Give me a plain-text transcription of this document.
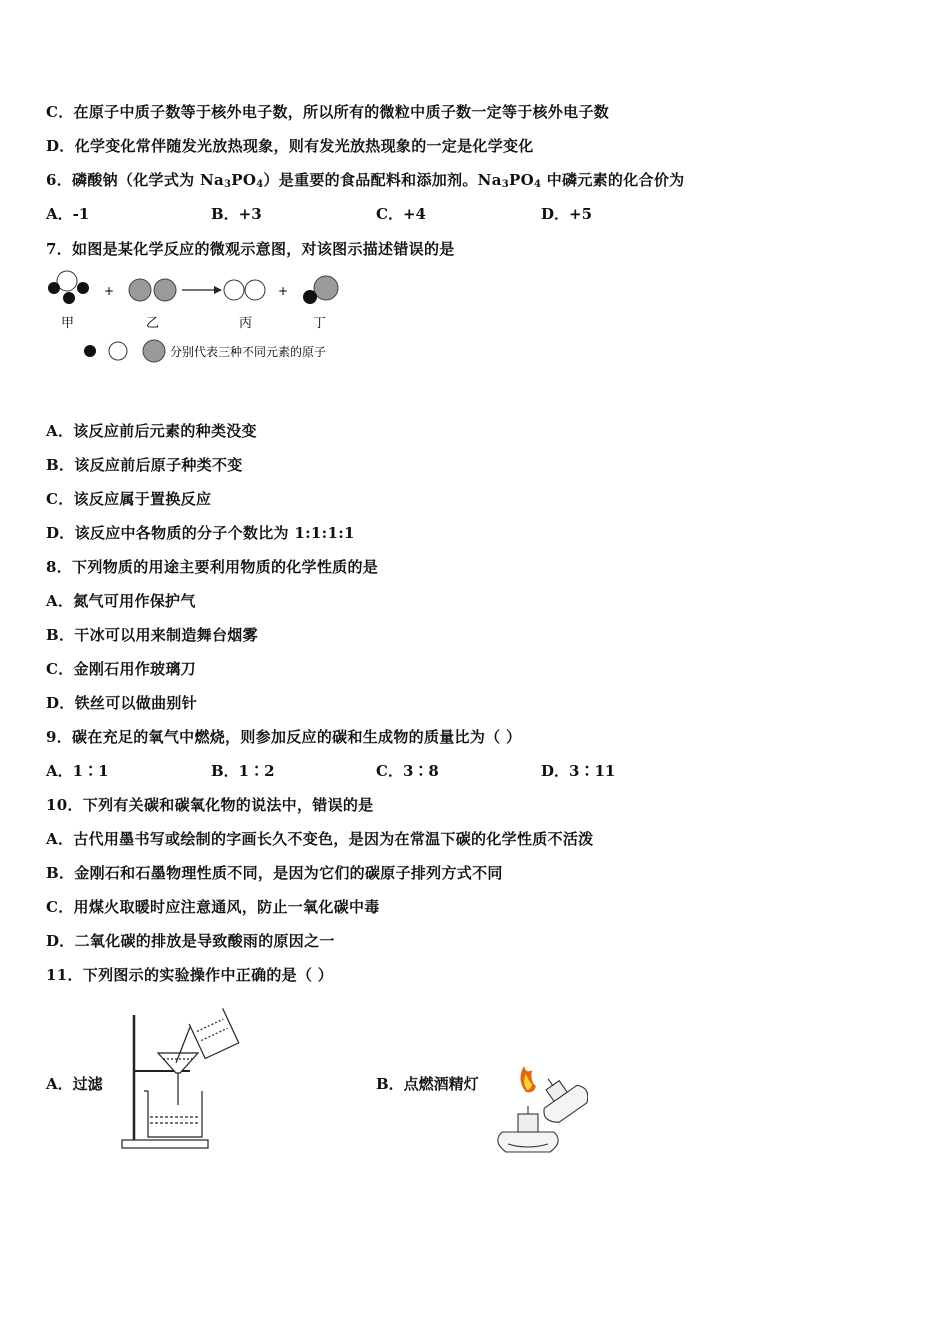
C．在原子中质子数等于核外电子数，所以所有的微粒中质子数一定等于核外电子数
D．化学变化常伴随发光放热现象，则有发光放热现象的一定是化学变化
6．磷酸钠（化学式为 $Na_3PO_4$）是重要的食品配料和添加剂。$Na_3PO_4$ 中磷元素的化合价为
A．-1	B．+3	C．+4	D．+5
7．如图是某化学反应的微观示意图，对该图示描述错误的是
+	+
甲	乙	丙	丁
分别代表三种不同元素的原子
A．该反应前后元素的种类没变
B．该反应前后原子种类不变
C．该反应属于置换反应
D．该反应中各物质的分子个数比为 1:1:1:1
8．下列物质的用途主要利用物质的化学性质的是
A．氮气可用作保护气
B．干冰可以用来制造舞台烟雾
C．金刚石用作玻璃刀
D．铁丝可以做曲别针
9．碳在充足的氧气中燃烧，则参加反应的碳和生成物的质量比为（ ）
A．1∶1	B．1∶2	C．3∶8	D．3∶11
10．下列有关碳和碳氧化物的说法中，错误的是
A．古代用墨书写或绘制的字画长久不变色，是因为在常温下碳的化学性质不活泼
B．金刚石和石墨物理性质不同，是因为它们的碳原子排列方式不同
C．用煤火取暖时应注意通风，防止一氧化碳中毒
D．二氧化碳的排放是导致酸雨的原因之一
11．下列图示的实验操作中正确的是（ ）
A．过滤	B．点燃酒精灯
